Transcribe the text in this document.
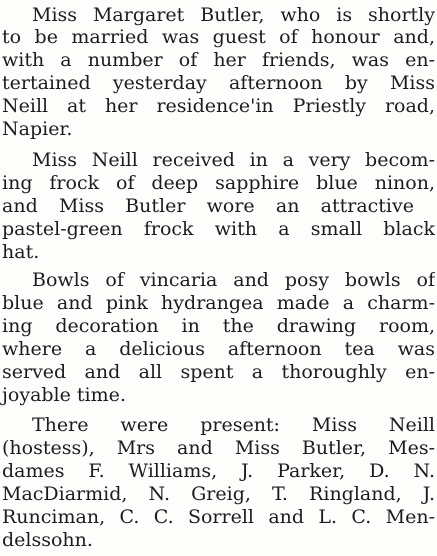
Miss Margaret Butler, who is shortly
to be married was guest of honour and,
with a number of her friends, was en-
tertained yesterday afternoon by Miss
Neill at her residence'in Priestly road,
Napier.
Miss Neill received in a very becom-
ing frock of deep sapphire blue ninon,
and Miss Butler wore an attractive
pastel-green frock with a small black
hat.
Bowls of vincaria and posy bowls of
blue and pink hydrangea made a charm-
ing decoration in the drawing room,
where a delicious afternoon tea was
served and all spent a thoroughly en-
joyable time.
There were present: Miss Neill
(hostess), Mrs and Miss Butler, Mes-
dames F. Williams, J. Parker, D. N.
MacDiarmid, N. Greig, T. Ringland, J.
Runciman, C. C. Sorrell and L. C. Men-
delssohn.
